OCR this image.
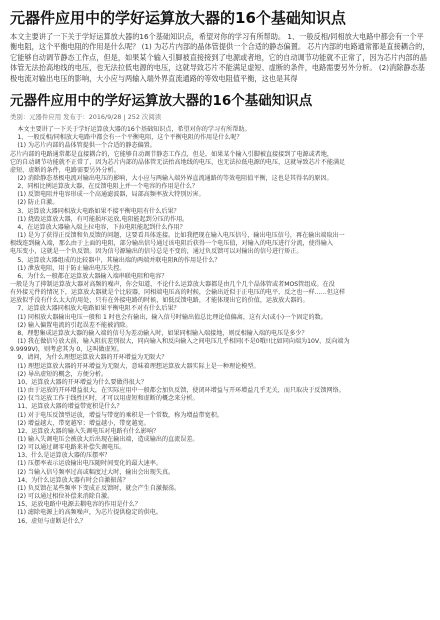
元器件应用中的学好运算放大器的16个基础知识点

本文主要讲了一下关于学好运算放大器的16个基础知识点，希望对你的学习有所帮助。 1、一般反相/同相放大电路中都会有一个平衡电阻，这个平衡电阻的作用是什么呢？ (1) 为芯片内部的晶体管提供一个合适的静态偏置。 芯片内部的电路通常都是直接耦合的，它能够自动调节静态工作点，但是，如果某个输入引脚被直接接到了电源或者地，它的自动调节功能就不正常了，因为芯片内部的晶体管无法抬高地线的电压，也无法拉低电源的电压，这就导致芯片不能满足虚短、虚断的条件，电路需要另外分析。 (2)消除静态基极电流对输出电压的影响，大小应与两输入端外界直流通路的等效电阻值平衡，这也是其得

元器件应用中的学好运算放大器的16个基础知识点
类别：元器件应用 发布于：2016/9/28 | 252 次阅读

本文主要讲了一下关于学好运算放大器的16个基础知识点，希望对你的学习有所帮助。

1、一般反相/同相放大电路中都会有一个平衡电阻，这个平衡电阻的作用是什么呢？

(1) 为芯片内部的晶体管提供一个合适的静态偏置。

芯片内部的电路通常都是直接耦合的，它能够自动调节静态工作点，但是，如果某个输入引脚被直接接到了电源或者地，

它的自动调节功能就不正常了，因为芯片内部的晶体管无法抬高地线的电压，也无法拉低电源的电压，这就导致芯片不能满足

虚短、虚断的条件，电路需要另外分析。

(2) 消除静态基极电流对输出电压的影响，大小应与两输入端外界直流通路的等效电阻值平衡，这也是其得名的原因。

2、同相比例运算放大器，在反馈电阻上并一个电容的作用是什么？

(1) 反馈电阻并电容形成一个高通滤波器，局部高频率放大特别厉害。

(2) 防止自激。

3、运算放大器同相放大电路如果不接平衡电阻有什么后果？

(1) 烧毁运算放大器，有可能损坏运放,电阻能起到分压的作用。

4、在运算放大器输入端上拉电容，下拉电阻能起到什么作用？

(1) 是为了获得正反馈和负反馈的问题，这要看具体连接。比如我把现在输入电压信号，输出电压信号，再在输出端取出一

根线连到输入端，那么由于上面的电阻，部分输出信号通过该电阻后获得一个电压值，对输入的电压进行分流，使得输入

电压变小，这就是一个负反馈。因为信号源输出的信号总是不变的，通过负反馈可以对输出的信号进行矫正。

5、运算放大器组成的比较器中，其输出端的两端并联电阻R的作用是什么？

(1) 泄放电阻，用于防止输出电压失控。

6、为什么一般都在运算放大器输入端串联电阻和电容？

一般是为了抑制运算放大器对高频的噪声，你会知道，不论什么运算放大器都是由几个几个晶体管或者MOS管组成。在没

有外接元件的情况下，运算放大器就是个比较器，同相端电压高的时候，会输出近似于正电压的电平，反之也一样……但这样

运放似乎没有什么太大的用处，只有在外接电路的时候，如低反馈电路，才能体现出它的价值，运放放大器的。

7、运算放大器同相放大电路如果平衡电阻不对有什么后果？

(1) 同相放大器输出电压一般和 1 时也会有输出，输入信号时输出值总比理论值偏离，这有大(或小)一个固定的数。

(2) 输入偏置电流的引起误差不能被消除。

8、理想集成运算放大器的输入端的信号为差动输入时，如果同相输入端接地，则反相输入端的电压是多少？

(1) 我在做信号放大前，输入阻抗差别很大，同向输入和反向输入之间电压几乎相同(不是0哦!!比如同向端为10V，反向端为

9.9999V)，则考虑其为 0，这叫做虚短。

9、请问，为什么理想运算放大器的开环增益为无限大？

(1) 理想运算放大器的开环增益为无限大，意味着理想运算放大器实际上是一种理论模型。

(2) 导出虚短的概念，方便分析。

10、运算放大器的开环增益为什么要做得很大？

(1) 由于运放的开环增益很大，在实际应用中一般都会加负反馈，使闭环增益与开环增益几乎无关，而只取决于反馈网络。

(2) 仅当运放工作于线性区时，才可以用虚短和虚断的概念来分析。

11、运算放大器的增益带宽积是什么？

(1) 对于电压反馈型运放，增益与带宽的乘积是一个常数，称为增益带宽积。

(2) 增益越大，带宽越窄；增益越小，带宽越宽。

12、运算放大器的输入失调电压对电路有什么影响？

(1) 输入失调电压会被放大后出现在输出端，造成输出的直流误差。

(2) 可以通过调零电路来补偿失调电压。

13、什么是运算放大器的压摆率？

(1) 压摆率表示运放输出电压随时间变化的最大速率。

(2) 当输入信号频率过高或幅度过大时，输出会出现失真。

14、为什么运算放大器有时会自激振荡？

(1) 负反馈在某些频率下变成正反馈时，就会产生自激振荡。

(2) 可以通过相位补偿来消除自激。

15、运放电路中电源去耦电容的作用是什么？

(1) 滤除电源上的高频噪声，为芯片提供稳定的供电。

16、虚短与虚断是什么？
